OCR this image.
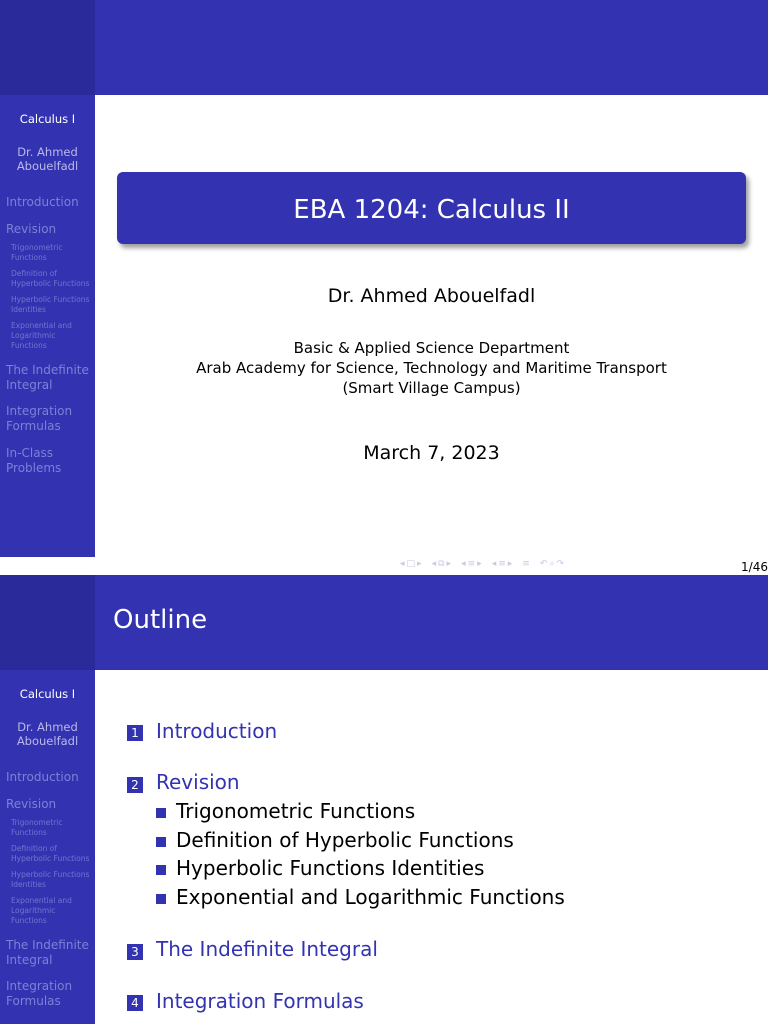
Calculus I
Dr. Ahmed
Abouelfadl
Introduction
Revision
Trigonometric
Functions
Definition of
Hyperbolic Functions
Hyperbolic Functions
Identities
Exponential and
Logarithmic
Functions
The Indefinite
Integral
Integration
Formulas
In-Class
Problems
EBA 1204: Calculus II
Dr. Ahmed Abouelfadl
Basic & Applied Science Department
Arab Academy for Science, Technology and Maritime Transport
(Smart Village Campus)
March 7, 2023
◂ □ ▸ ◂ ⧉ ▸ ◂ ≡ ▸ ◂ ≡ ▸ ≡ ↶ ⌕ ↷	1/46
Outline
Calculus I
Dr. Ahmed
Abouelfadl
Introduction
Revision
Trigonometric
Functions
Definition of
Hyperbolic Functions
Hyperbolic Functions
Identities
Exponential and
Logarithmic
Functions
The Indefinite
Integral
Integration
Formulas
1 Introduction
2 Revision
Trigonometric Functions
Definition of Hyperbolic Functions
Hyperbolic Functions Identities
Exponential and Logarithmic Functions
3 The Indefinite Integral
4 Integration Formulas
